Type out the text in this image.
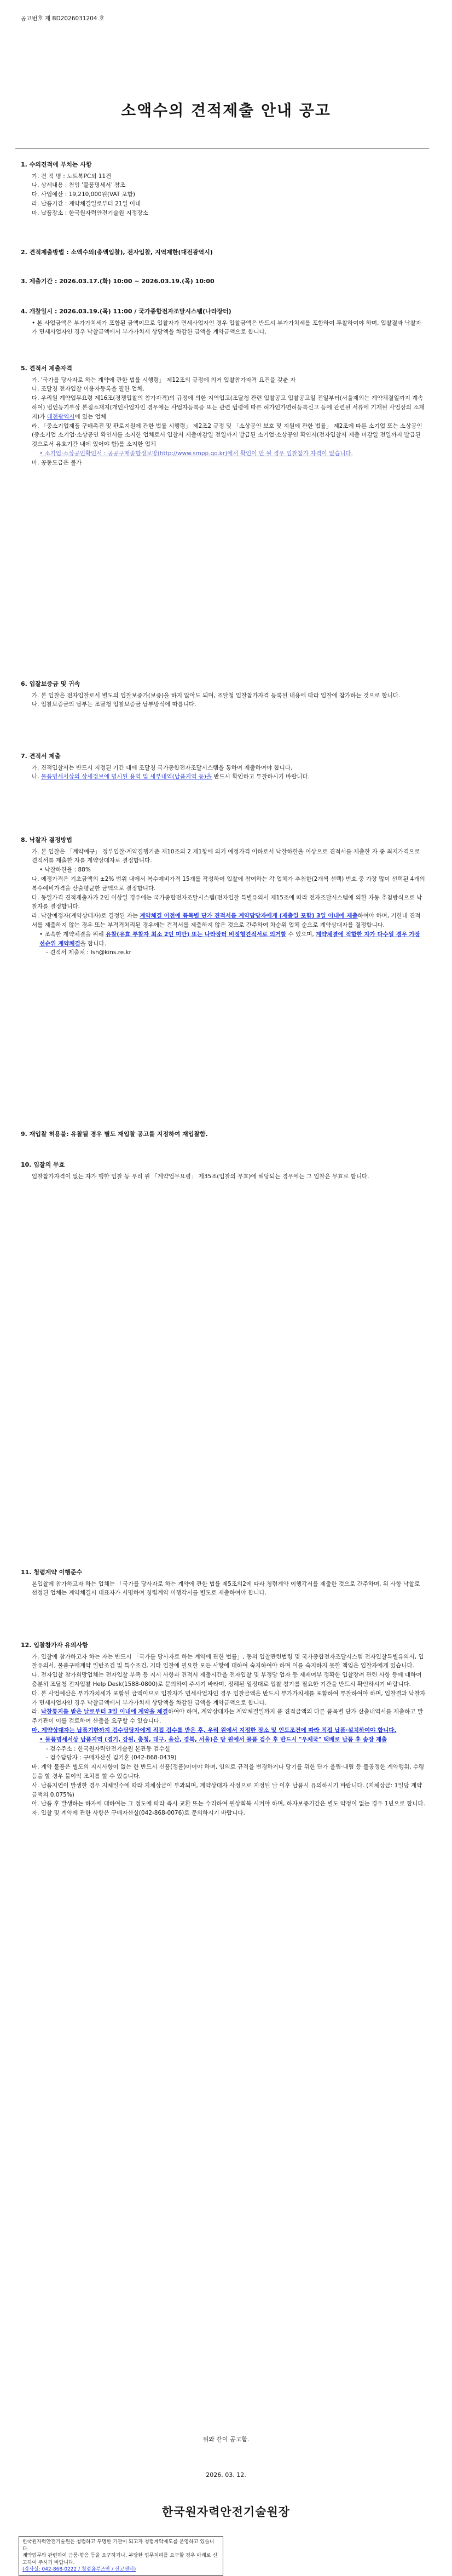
공고번호 제 BD2026031204 호
소액수의 견적제출 안내 공고

1. 수의견적에 부치는 사항

가. 건 적 명 : 노트북PC외 11건

나. 상세내용 : 첨임 '물품명세서' 참조

다. 사업예산 : 19,210,000원(VAT 포함)

라. 납품기간 : 계약체결일로부터 21일 이내

마. 납품장소 : 한국원자력안전기술원 지정장소

2. 견적제출방법 : 소액수의(총액입찰), 전자입찰, 지역제한(대전광역시)

3. 제출기간 : 2026.03.17.(화) 10:00 ~ 2026.03.19.(목) 10:00

4. 개찰일시 : 2026.03.19.(목) 11:00 / 국가종합전자조달시스템(나라장터)

• 본 사업금액은 부가가치세가 포함된 금액이므로 입찰자가 면세사업자인 경우 입찰금액은 반드시 부가가치세를 포함하여 투찰하여야 하며, 입찰결과 낙찰자가 면세사업자인 경우 낙찰금액에서 부가가치세 상당액을 차감한 금액을 계약금액으로 합니다.

5. 견적서 제출자격

가. '국가를 당사자로 하는 계약에 관한 법률 시행령」 제12조의 규정에 의거 입찰참가자격 요건을 갖춘 자

나. 조달청 전자입찰 이용자등록을 필한 업체.

다. 우리원 계약업무요령 제16조(경쟁입찰의 참가자격)의 규정에 의한 지역업고(조달청 관련 입찰공고 입찰공고일 전일부터(서울제외는 계약체결일까지 계속하여) 법인등기부상 본점소재지(개인사업자인 경우에는 사업자등록증 또는 관련 법령에 따른 허가인가면허등록신고 등에 관련된 서류에 기재된 사업장의 소재지)가 대전광역시에 있는 업체

라. 「중소기업제품 구매촉진 및 판로지원에 관한 법률 시행령」 제2조2 규정 및 「소상공인 보호 및 지원에 관한 법률」 제2조에 따른 소기업 또는 소상공인(중소기업 소기업·소상공인 확인서를 소지한 업체로서 입찰서 제출마감일 전일까지 발급된 소기업·소상공인 확인서(전자입찰서 제출 마감일 전일까지 발급된 것으로서 유효기간 내에 있어야 함)를 소지한 업체

• 소기업·소상공인확인서 : 공공구매종합정보망(http://www.smpp.go.kr)에서 확인이 안 될 경우 입찰참가 자격이 없습니다.

마. 공동도급은 불가

6. 입찰보증금 및 귀속

가. 본 입찰은 전자입찰로서 별도의 입찰보증가(보증)을 하지 않아도 되며, 조달청 입찰참가자격 등록된 내용에 따라 입찰에 참가하는 것으로 합니다.

나. 입찰보증금의 납부는 조달청 입찰보증금 납부방식에 따릅니다.

7. 견적서 제출

가. 견적입찰서는 반드시 지정된 기간 내에 조달청 국가종합전자조달시스템을 통하여 제출하여야 합니다.

나. 물품명세서상의 상세정보에 명시된 용역 및 세부내역(납품지역 등)을 반드시 확인하고 투찰하시기 바랍니다.

8. 낙찰자 결정방법

가. 본 입찰은 「계약예규」 정부입찰·계약집행기준 제10조의 2 제1항에 의거 예정가격 이하로서 낙찰하한율 이상으로 견적서를 제출한 자 중 최저가격으로 견적서를 제출한 자를 계약상대자로 결정합니다.

• 낙찰하한율 : 88%

나. 예정가격은 기초금액의 ±2% 범위 내에서 복수예비가격 15개를 작성하여 입찰에 참여하는 각 업체가 추첨한(2개씩 선택) 번호 중 가장 많이 선택된 4개의 복수예비가격을 산술평균한 금액으로 결정합니다.

다. 동일가격 견적제출자가 2인 이상일 경우에는 국가종합전자조달시스템(전자입찰 특별유의서 제15조에 따라 전자조달시스템에 의한 자동 추첨방식으로 낙찰자를 결정합니다.

라. 낙찰예정자(계약상대자)로 결정된 자는 계약체결 이전에 품목별 단가 견적서를 계약담당자에게 (제출일 포함) 3일 이내에 제출하여야 하며, 기한내 견적서를 제출하지 않는 경우 또는 부적격처리된 경우에는 견적서를 제출하지 않은 것으로 간주하여 차순위 업체 순으로 계약상대자를 결정합니다.

• 조속한 계약체결을 위해 유찰(유효 투찰자 최소 2인 미만) 또는 나라장터 비정형견적서로 의거할 수 있으며, 계약체결에 적합한 자가 다수일 경우 가장 선순위 계약체결을 합니다.

- 견적서 제출처 : Ish@kins.re.kr

9. 재입찰 허용불: 유찰될 경우 별도 재입찰 공고를 지정하여 재입찰함.

10. 입찰의 무효

입찰참가자격이 없는 자가 행한 입찰 등 우리 원 「계약업무요령」 제35조(입찰의 무효)에 해당되는 경우에는 그 입찰은 무효로 합니다.

11. 청렴계약 이행준수

본입찰에 참가하고자 하는 업체는 「국가를 당사자로 하는 계약에 관한 법률 제5조의2에 따라 청렴계약 이행각서를 제출한 것으로 간주하며, 위 사항 낙찰로 선정된 업체는 계약체결시 대표자가 서명하여 청렴계약 이행각서를 별도로 제출하여야 합니다.

12. 입찰참가자 유의사항

가. 입찰에 참가하고자 하는 자는 반드시 「국가를 당사자로 하는 계약에 관한 법률」, 동의 입찰관련법령 및 국가종합전자조달시스템 전자입찰특별유의서, 입찰유의서, 물품구매계약 일반조건 및 특수조건, 기타 입찰에 필요한 모든 사항에 대하여 숙지하여야 하며 이를 숙지하지 못한 책임은 입찰자에게 있습니다.

나. 전자입찰 참가희망업체는 전자입찰 부족 등 지시 사항과 견적서 제출시간을 전자입찰 및 부정당 업자 등 제재여부 정확한 입찰장려 관련 사항 등에 대하여 충분히 조달청 전자입찰 Help Desk(1588-0800)로 문의하여 주시기 바라며, 정해된 일정대로 입찰 참가를 필요한 기간을 반드시 확인하시기 바랍니다.

다. 본 사업예산은 부가가치세가 포함된 금액이므로 입찰자가 면세사업자인 경우 입찰금액은 반드시 부가가치세를 포함하여 투찰하여야 하며, 입찰결과 낙찰자가 면세사업자인 경우 낙찰금액에서 부가가치세 상당액을 차감한 금액을 계약금액으로 합니다.

라. 낙찰통지를 받은 날로부터 3일 이내에 계약을 체결하여야 하며, 계약상대자는 계약체결일까지 품 견적금액의 다른 품목별 단가 산출내역서를 제출하고 발주기관이 이를 검토하여 산출을 요구할 수 있습니다.

마. 계약상대자는 납품기한까지 검수담당자에게 직접 검수를 받은 후, 우리 원에서 지정한 장소 및 인도조건에 따라 직접 납품·설치하여야 합니다.

• 물품명세서상 납품지역 (경기, 강원, 충청, 대구, 울산, 경북, 서울)은 당 원에서 물품 검수 후 반드시 "우체국" 택배로 납품 후 송장 제출

- 검수주소 : 한국원자력안전기술원 본관동 검수실

- 검수담당자 : 구매자산실 김기훈 (042-868-0439)

바. 계약 물품은 별도의 지시사항이 없는 한 반드시 신품(정품)이어야 하며, 임의로 규격을 변경하거나 당기를 위한 단가 올림·내림 등 불공정한 계약행위, 수령 등을 할 경우 불이익 조치를 할 수 있습니다.

사. 납품지연이 발생한 경우 지체일수에 따라 지체상금이 부과되며, 계약상대자 사정으로 지정된 날 이후 납품시 유의하시기 바랍니다. (지체상금: 1일당 계약금액의 0.075%)

아. 납품 후 발생하는 하자에 대하여는 그 정도에 따라 즉시 교환 또는 수리하여 원상회복 시켜야 하며, 하자보증기간은 별도 약정이 없는 경우 1년으로 합니다.

자. 입찰 및 계약에 관한 사항은 구매자산실(042-868-0076)로 문의하시기 바랍니다.

위와 같이 공고함.
2026. 03. 12.
한국원자력안전기술원장
한국원자력안전기술원은 청렴하고 투명한 기관이 되고자 청렴계약제도를 운영하고 있습니다.
계약업무와 관련하여 금품·향응 등을 요구하거나, 부당한 업무처리를 요구할 경우 아래로 신고하여 주시기 바랍니다.
(감사실: 042-868-0222 / 청렴옴부즈만 / 신고센터)
